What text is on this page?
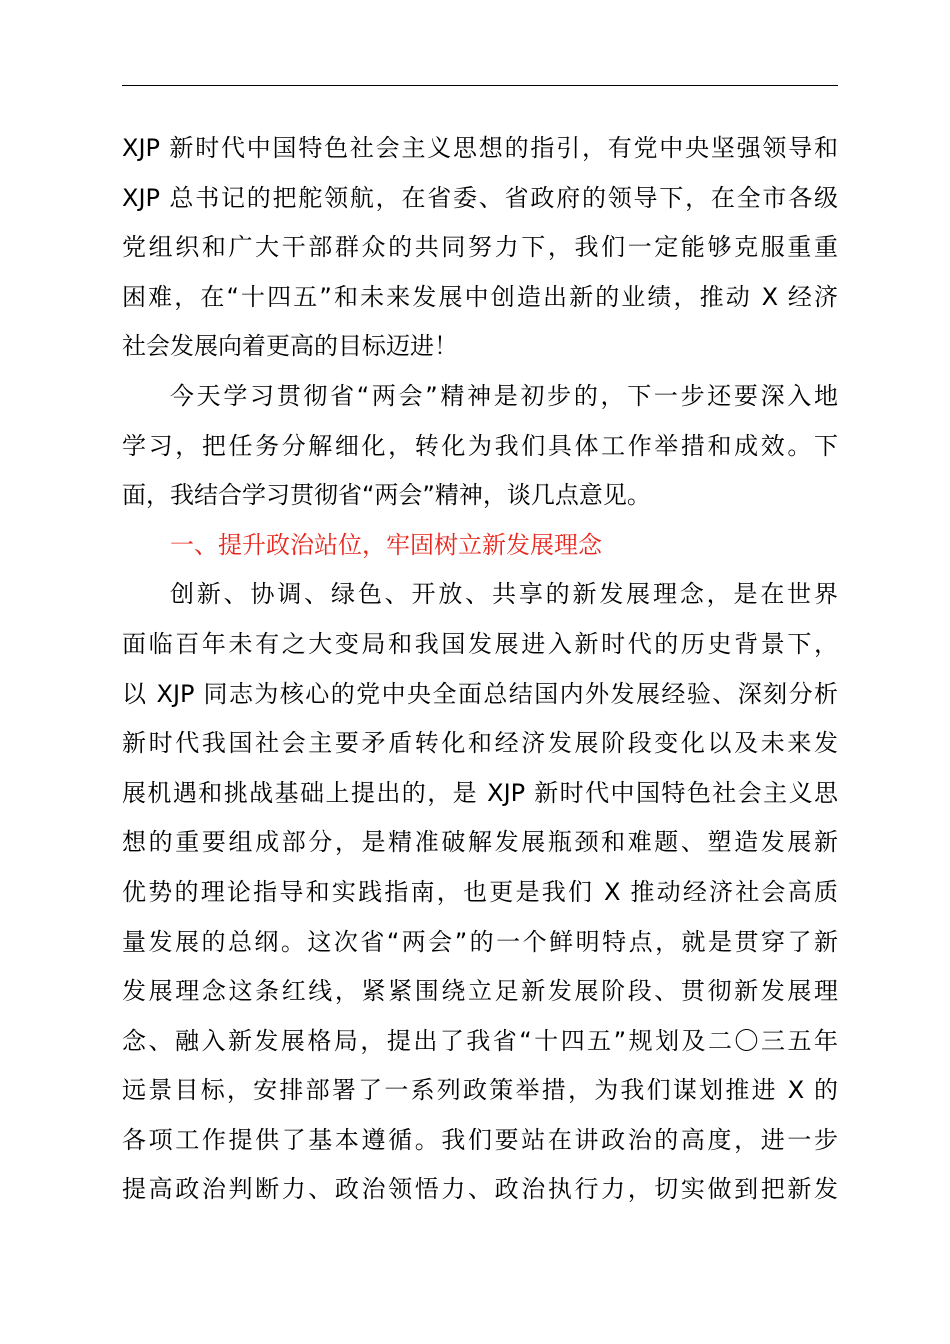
XJP 新时代中国特色社会主义思想的指引，有党中央坚强领导和
XJP 总书记的把舵领航，在省委、省政府的领导下，在全市各级
党组织和广大干部群众的共同努力下，我们一定能够克服重重
困难，在“十四五”和未来发展中创造出新的业绩，推动 X 经济
社会发展向着更高的目标迈进！
今天学习贯彻省“两会”精神是初步的，下一步还要深入地
学习，把任务分解细化，转化为我们具体工作举措和成效。下
面，我结合学习贯彻省“两会”精神，谈几点意见。
一、提升政治站位，牢固树立新发展理念
创新、协调、绿色、开放、共享的新发展理念，是在世界
面临百年未有之大变局和我国发展进入新时代的历史背景下，
以 XJP 同志为核心的党中央全面总结国内外发展经验、深刻分析
新时代我国社会主要矛盾转化和经济发展阶段变化以及未来发
展机遇和挑战基础上提出的，是 XJP 新时代中国特色社会主义思
想的重要组成部分，是精准破解发展瓶颈和难题、塑造发展新
优势的理论指导和实践指南，也更是我们 X 推动经济社会高质
量发展的总纲。这次省“两会”的一个鲜明特点，就是贯穿了新
发展理念这条红线，紧紧围绕立足新发展阶段、贯彻新发展理
念、融入新发展格局，提出了我省“十四五”规划及二〇三五年
远景目标，安排部署了一系列政策举措，为我们谋划推进 X 的
各项工作提供了基本遵循。我们要站在讲政治的高度，进一步
提高政治判断力、政治领悟力、政治执行力，切实做到把新发
